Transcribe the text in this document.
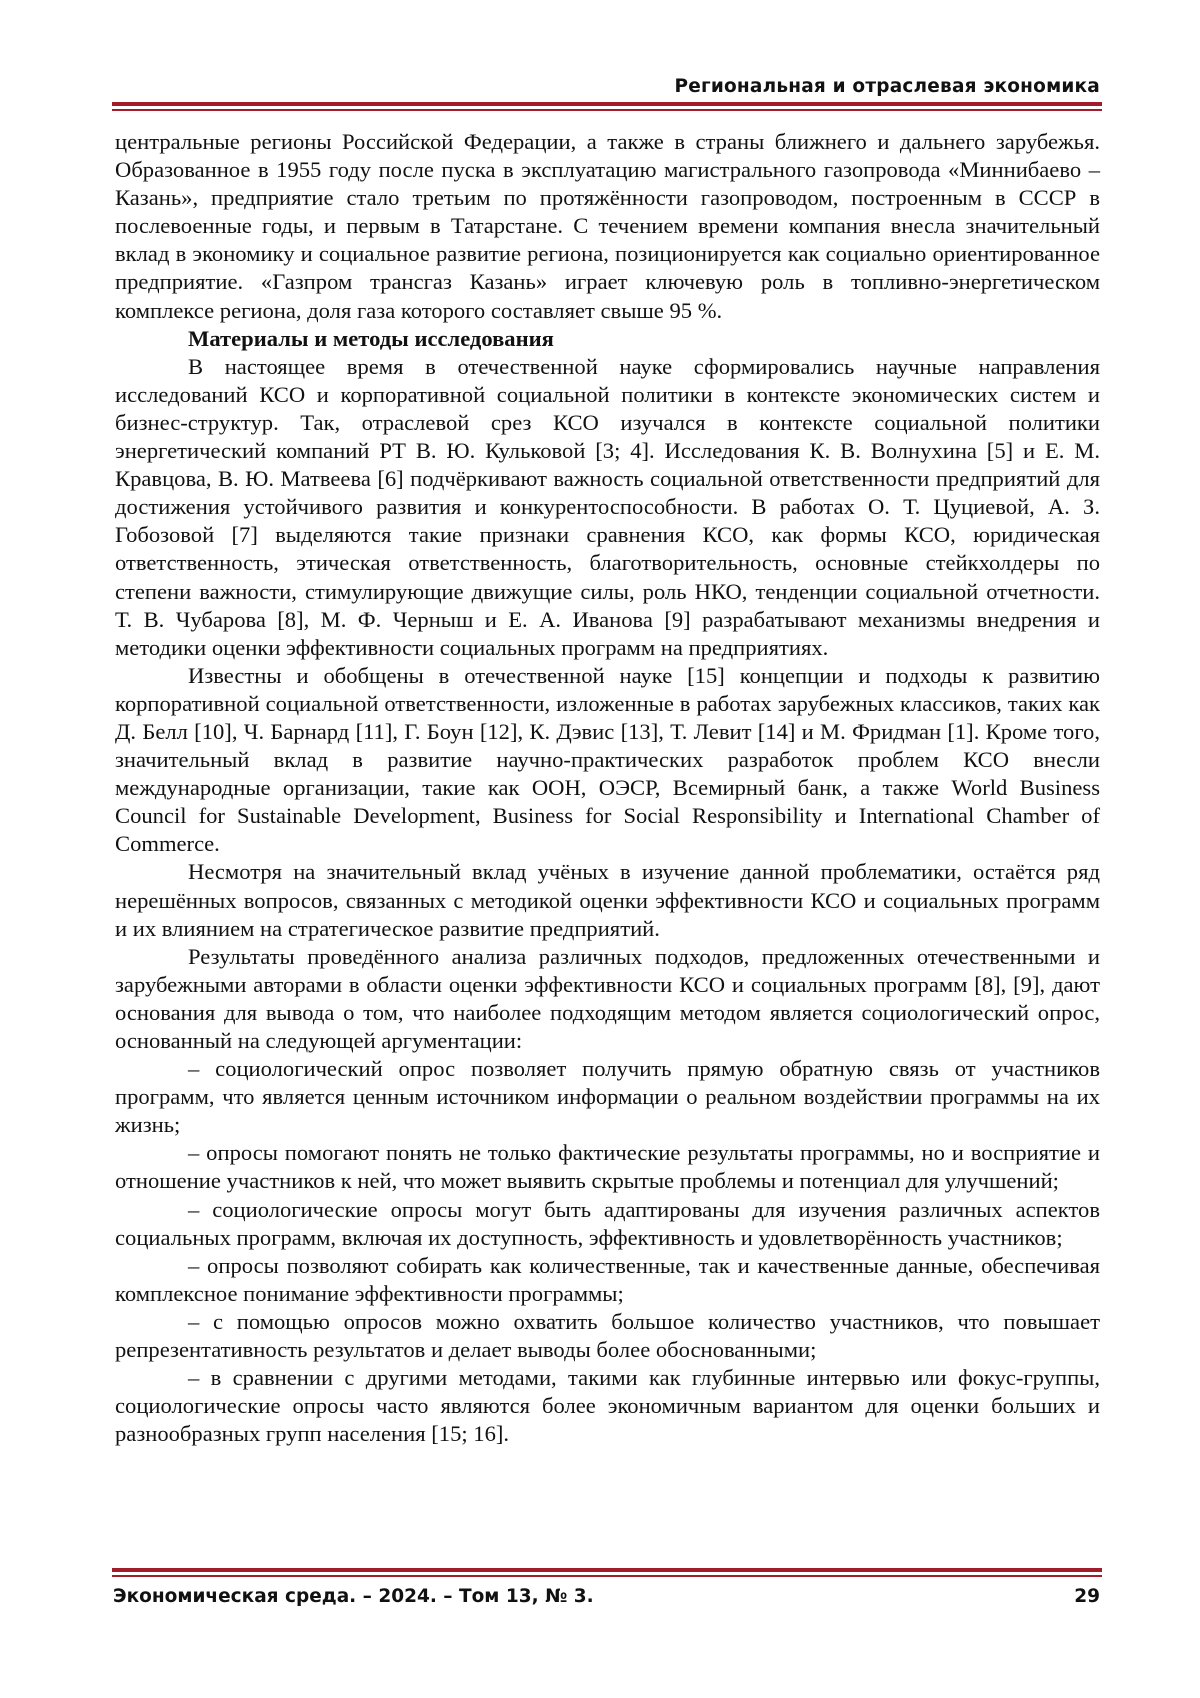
Региональная и отраслевая экономика

центральные регионы Российской Федерации, а также в страны ближнего и дальнего зарубежья. Образованное в 1955 году после пуска в эксплуатацию магистрального газопровода «Миннибаево – Казань», предприятие стало третьим по протяжённости газопроводом, построенным в СССР в послевоенные годы, и первым в Татарстане. С течением времени компания внесла значительный вклад в экономику и социальное развитие региона, позиционируется как социально ориентированное предприятие. «Газпром трансгаз Казань» играет ключевую роль в топливно-энергетическом комплексе региона, доля газа которого составляет свыше 95 %.

Материалы и методы исследования

В настоящее время в отечественной науке сформировались научные направления исследований КСО и корпоративной социальной политики в контексте экономических систем и бизнес-структур. Так, отраслевой срез КСО изучался в контексте социальной политики энергетический компаний РТ В. Ю. Кульковой [3; 4]. Исследования К. В. Волнухина [5] и Е. М. Кравцова, В. Ю. Матвеева [6] подчёркивают важность социальной ответственности предприятий для достижения устойчивого развития и конкурентоспособности. В работах О. Т. Цуциевой, А. З. Гобозовой [7] выделяются такие признаки сравнения КСО, как формы КСО, юридическая ответственность, этическая ответственность, благотворительность, основные стейкхолдеры по степени важности, стимулирующие движущие силы, роль НКО, тенденции социальной отчетности. Т. В. Чубарова [8], М. Ф. Черныш и Е. А. Иванова [9] разрабатывают механизмы внедрения и методики оценки эффективности социальных программ на предприятиях.

Известны и обобщены в отечественной науке [15] концепции и подходы к развитию корпоративной социальной ответственности, изложенные в работах зарубежных классиков, таких как Д. Белл [10], Ч. Барнард [11], Г. Боун [12], К. Дэвис [13], Т. Левит [14] и М. Фридман [1]. Кроме того, значительный вклад в развитие научно-практических разработок проблем КСО внесли международные организации, такие как ООН, ОЭСР, Всемирный банк, а также World Business Council for Sustainable Development, Business for Social Responsibility и International Chamber of Commerce.

Несмотря на значительный вклад учёных в изучение данной проблематики, остаётся ряд нерешённых вопросов, связанных с методикой оценки эффективности КСО и социальных программ и их влиянием на стратегическое развитие предприятий.

Результаты проведённого анализа различных подходов, предложенных отечественными и зарубежными авторами в области оценки эффективности КСО и социальных программ [8], [9], дают основания для вывода о том, что наиболее подходящим методом является социологический опрос, основанный на следующей аргументации:

– социологический опрос позволяет получить прямую обратную связь от участников программ, что является ценным источником информации о реальном воздействии программы на их жизнь;

– опросы помогают понять не только фактические результаты программы, но и восприятие и отношение участников к ней, что может выявить скрытые проблемы и потенциал для улучшений;

– социологические опросы могут быть адаптированы для изучения различных аспектов социальных программ, включая их доступность, эффективность и удовлетворённость участников;

– опросы позволяют собирать как количественные, так и качественные данные, обеспечивая комплексное понимание эффективности программы;

– с помощью опросов можно охватить большое количество участников, что повышает репрезентативность результатов и делает выводы более обоснованными;

– в сравнении с другими методами, такими как глубинные интервью или фокус-группы, социологические опросы часто являются более экономичным вариантом для оценки больших и разнообразных групп населения [15; 16].

Экономическая среда. – 2024. – Том 13, № 3.	29
